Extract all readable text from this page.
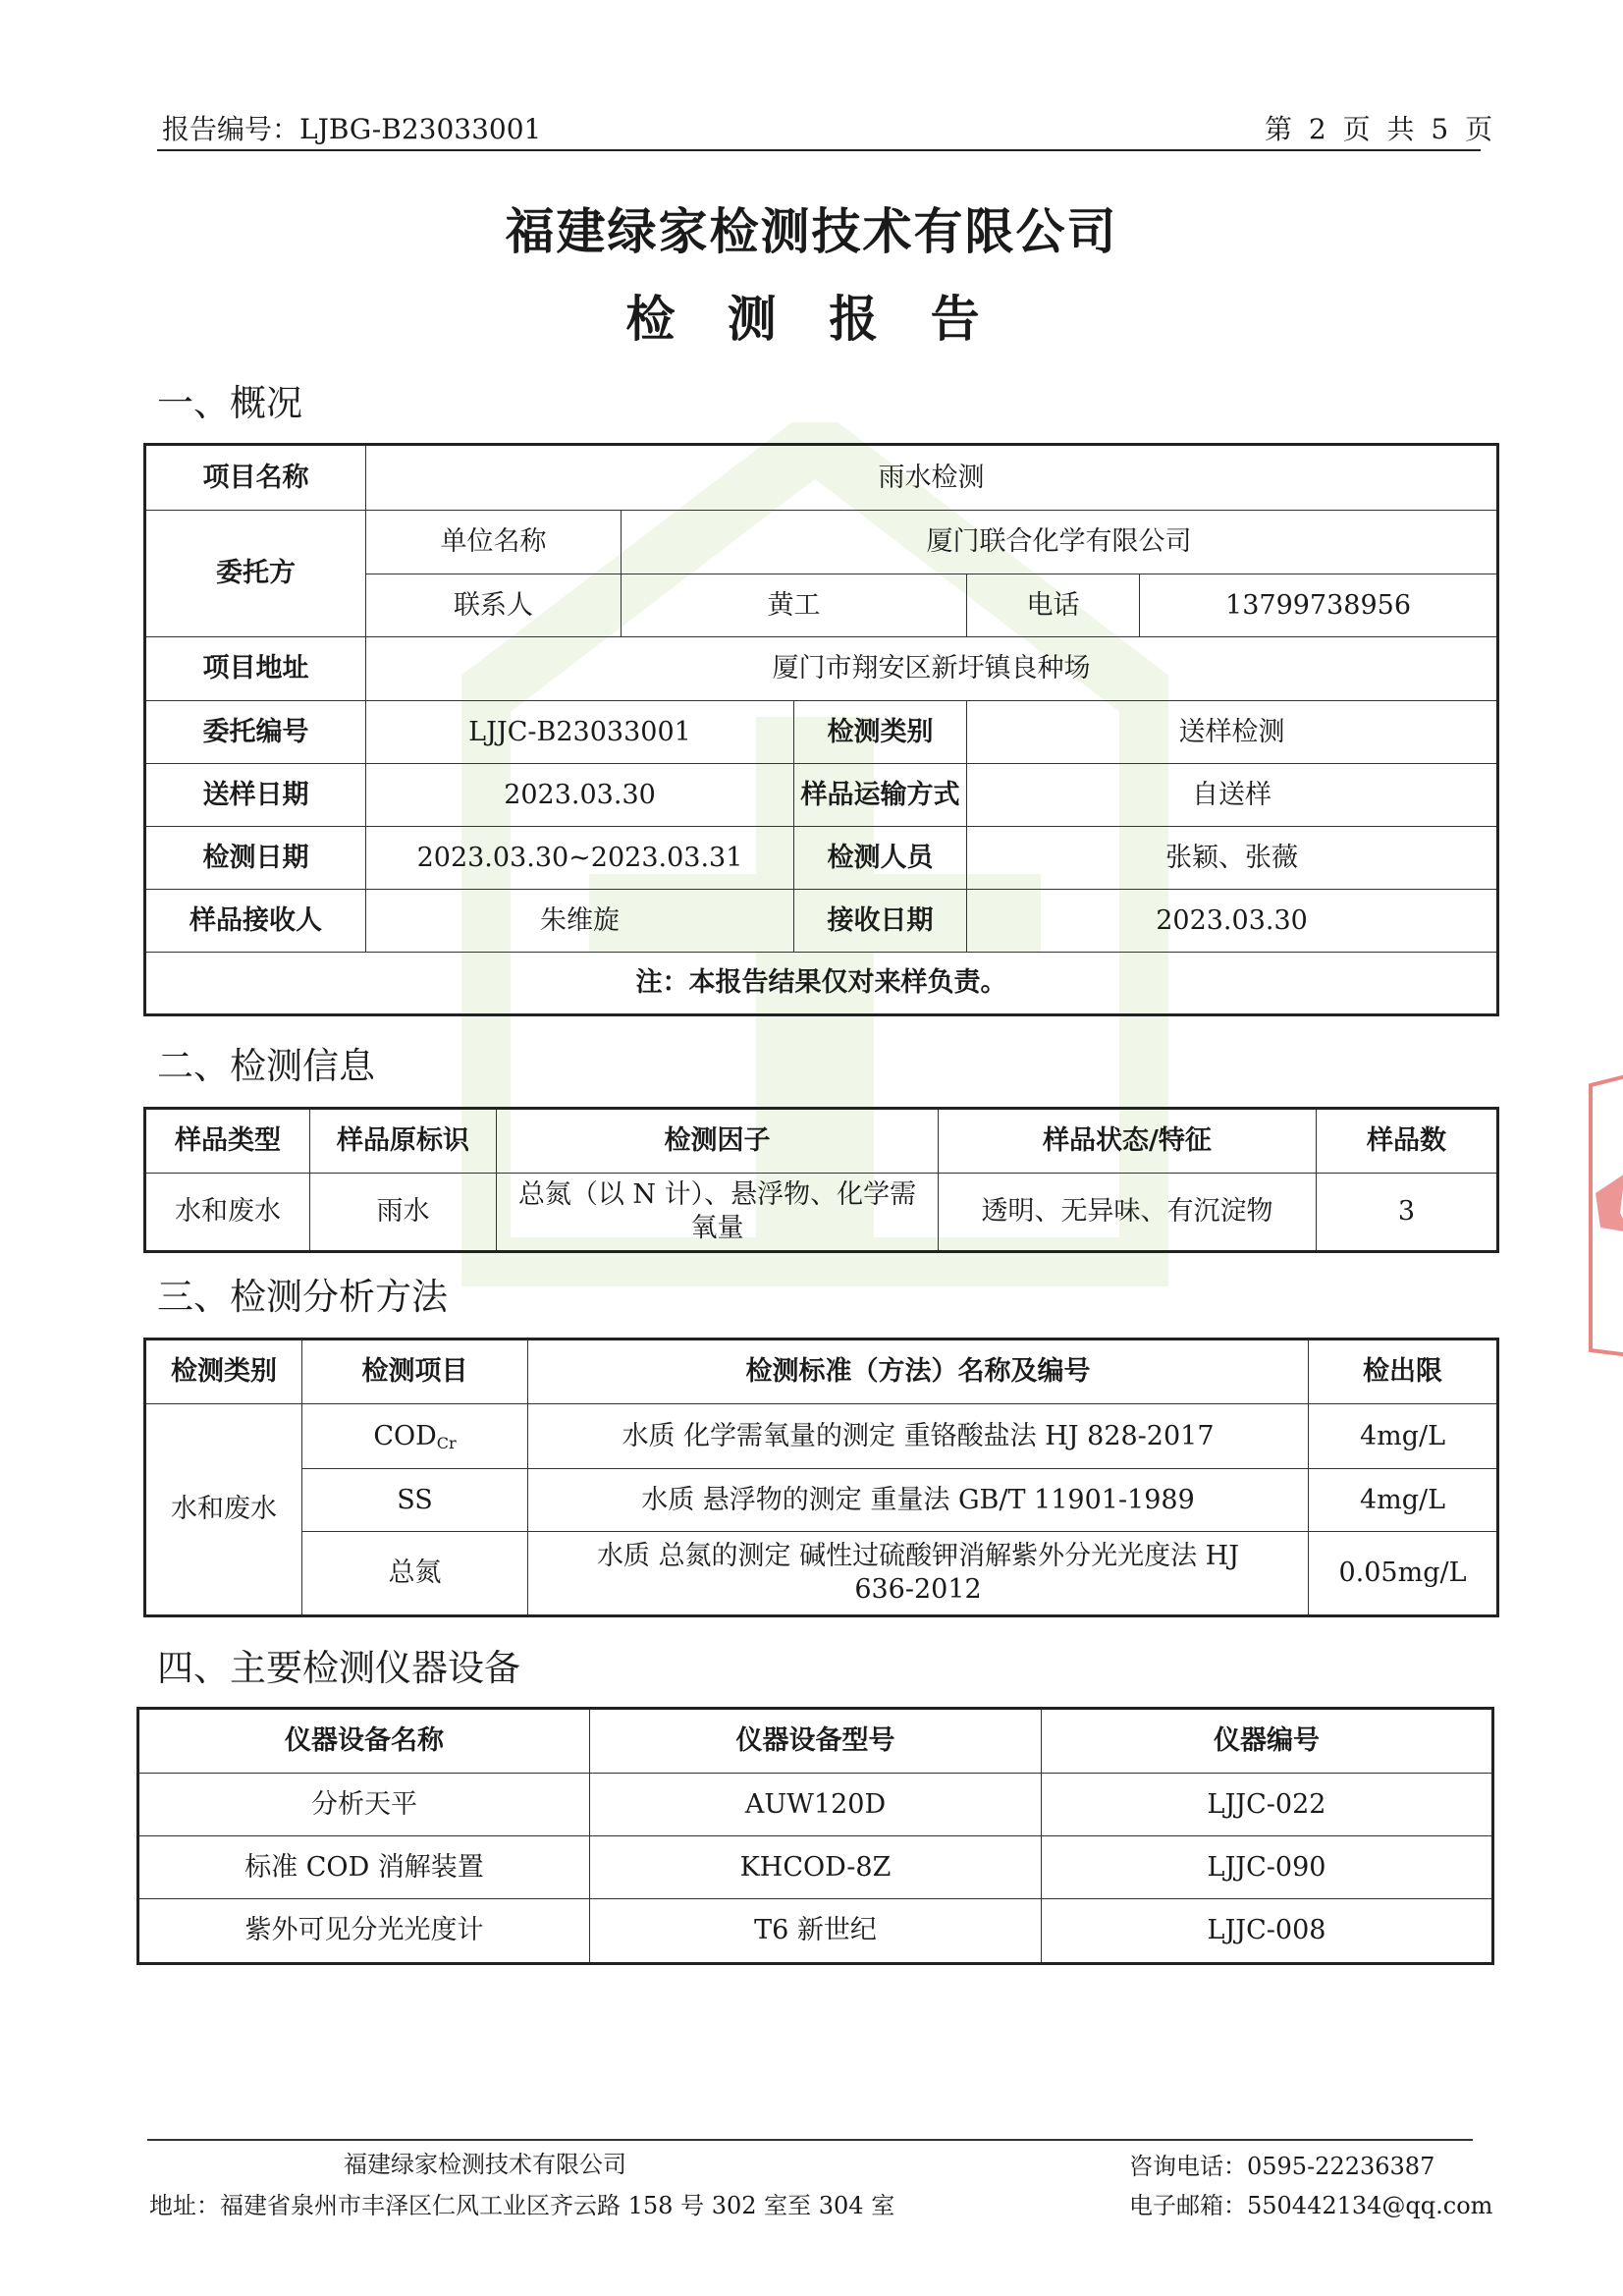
报告编号：LJBG-B23033001	第 2 页 共 5 页
福建绿家检测技术有限公司
检 测 报 告
一、概况
项目名称	雨水检测				
委托方	单位名称	厦门联合化学有限公司			
	联系人	黄工		电话	13799738956
项目地址	厦门市翔安区新圩镇良种场				
委托编号	LJJC-B23033001		检测类别	送样检测	
送样日期	2023.03.30		样品运输方式	自送样	
检测日期	2023.03.30~2023.03.31		检测人员	张颖、张薇	
样品接收人	朱维旋		接收日期	2023.03.30	
注：本报告结果仅对来样负责。					
二、检测信息
样品类型	样品原标识	检测因子	样品状态/特征	样品数
水和废水	雨水	总氮（以 N 计）、悬浮物、化学需氧量	透明、无异味、有沉淀物	3
三、检测分析方法
检测类别	检测项目	检测标准（方法）名称及编号	检出限
水和废水	$COD_{Cr}$	水质 化学需氧量的测定 重铬酸盐法 HJ 828-2017	4mg/L
	SS	水质 悬浮物的测定 重量法 GB/T 11901-1989	4mg/L
	总氮	水质 总氮的测定 碱性过硫酸钾消解紫外分光光度法 HJ 636-2012	0.05mg/L
四、主要检测仪器设备
仪器设备名称	仪器设备型号	仪器编号
分析天平	AUW120D	LJJC-022
标准 COD 消解装置	KHCOD-8Z	LJJC-090
紫外可见分光光度计	T6 新世纪	LJJC-008
福建绿家检测技术有限公司
地址：福建省泉州市丰泽区仁风工业区齐云路 158 号 302 室至 304 室
咨询电话：0595-22236387
电子邮箱：550442134@qq.com
